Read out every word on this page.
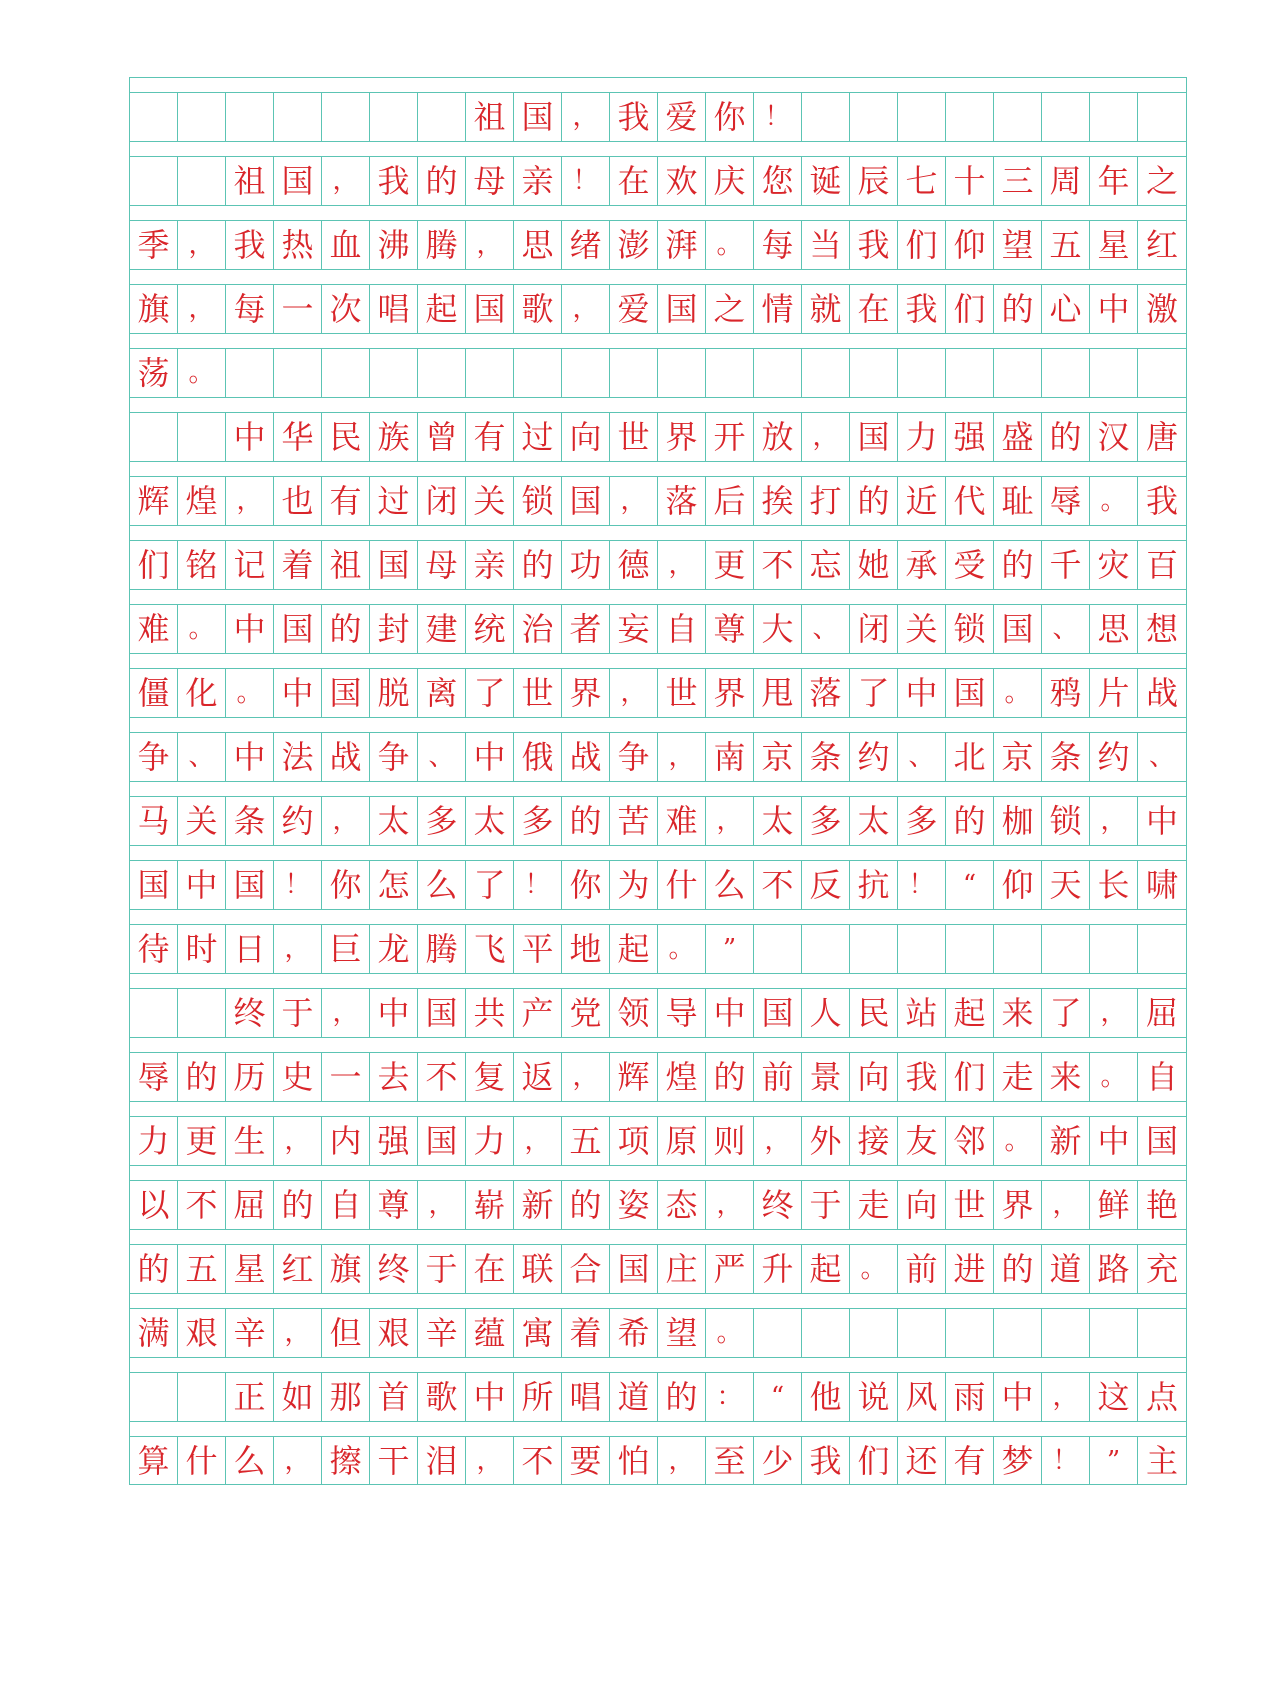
祖 国 ， 我 爱 你 ！
祖 国 ， 我 的 母 亲 ！ 在 欢 庆 您 诞 辰 七 十 三 周 年 之
季 ， 我 热 血 沸 腾 ， 思 绪 澎 湃 。 每 当 我 们 仰 望 五 星 红
旗 ， 每 一 次 唱 起 国 歌 ， 爱 国 之 情 就 在 我 们 的 心 中 激
荡 。
中 华 民 族 曾 有 过 向 世 界 开 放 ， 国 力 强 盛 的 汉 唐
辉 煌 ， 也 有 过 闭 关 锁 国 ， 落 后 挨 打 的 近 代 耻 辱 。 我
们 铭 记 着 祖 国 母 亲 的 功 德 ， 更 不 忘 她 承 受 的 千 灾 百
难 。 中 国 的 封 建 统 治 者 妄 自 尊 大 、 闭 关 锁 国 、 思 想
僵 化 。 中 国 脱 离 了 世 界 ， 世 界 甩 落 了 中 国 。 鸦 片 战
争 、 中 法 战 争 、 中 俄 战 争 ， 南 京 条 约 、 北 京 条 约 、
马 关 条 约 ， 太 多 太 多 的 苦 难 ， 太 多 太 多 的 枷 锁 ， 中
国 中 国 ！ 你 怎 么 了 ！ 你 为 什 么 不 反 抗 ！	“ 仰 天 长 啸
待 时 日 ， 巨 龙 腾 飞 平 地 起 。	”
终 于 ， 中 国 共 产 党 领 导 中 国 人 民 站 起 来 了 ， 屈
辱 的 历 史 一 去 不 复 返 ， 辉 煌 的 前 景 向 我 们 走 来 。 自
力 更 生 ， 内 强 国 力 ， 五 项 原 则 ， 外 接 友 邻 。 新 中 国
以 不 屈 的 自 尊 ， 崭 新 的 姿 态 ， 终 于 走 向 世 界 ， 鲜 艳
的 五 星 红 旗 终 于 在 联 合 国 庄 严 升 起 。 前 进 的 道 路 充
满 艰 辛 ， 但 艰 辛 蕴 寓 着 希 望 。
正 如 那 首 歌 中 所 唱 道 的 ：	“ 他 说 风 雨 中 ， 这 点
算 什 么 ， 擦 干 泪 ， 不 要 怕 ， 至 少 我 们 还 有 梦 ！	” 主
